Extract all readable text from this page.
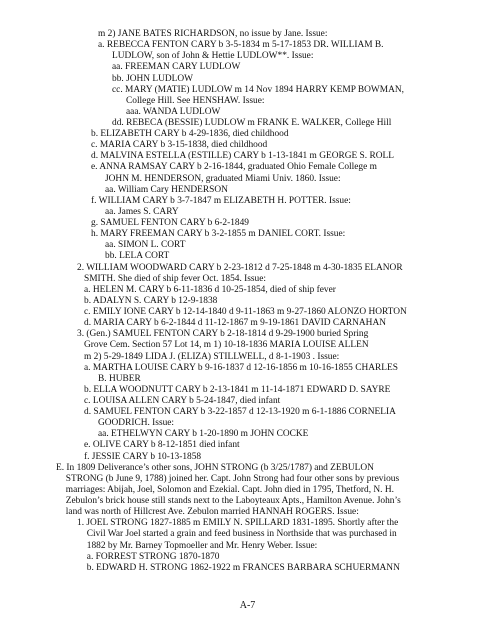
m 2) JANE BATES RICHARDSON, no issue by Jane. Issue:
a. REBECCA FENTON CARY b 3-5-1834 m 5-17-1853 DR. WILLIAM B.
LUDLOW, son of John & Hettie LUDLOW**. Issue:
aa. FREEMAN CARY LUDLOW
bb. JOHN LUDLOW
cc. MARY (MATIE) LUDLOW m 14 Nov 1894 HARRY KEMP BOWMAN,
College Hill. See HENSHAW. Issue:
aaa. WANDA LUDLOW
dd. REBECA (BESSIE) LUDLOW m FRANK E. WALKER, College Hill
b. ELIZABETH CARY b 4-29-1836, died childhood
c. MARIA CARY b 3-15-1838, died childhood
d. MALVINA ESTELLA (ESTILLE) CARY b 1-13-1841 m GEORGE S. ROLL
e. ANNA RAMSAY CARY b 2-16-1844, graduated Ohio Female College m
JOHN M. HENDERSON, graduated Miami Univ. 1860. Issue:
aa. William Cary HENDERSON
f. WILLIAM CARY b 3-7-1847 m ELIZABETH H. POTTER. Issue:
aa. James S. CARY
g. SAMUEL FENTON CARY b 6-2-1849
h. MARY FREEMAN CARY b 3-2-1855 m DANIEL CORT. Issue:
aa. SIMON L. CORT
bb. LELA CORT
2. WILLIAM WOODWARD CARY b 2-23-1812 d 7-25-1848 m 4-30-1835 ELANOR
SMITH. She died of ship fever Oct. 1854. Issue:
a. HELEN M. CARY b 6-11-1836 d 10-25-1854, died of ship fever
b. ADALYN S. CARY b 12-9-1838
c. EMILY IONE CARY b 12-14-1840 d 9-11-1863 m 9-27-1860 ALONZO HORTON
d. MARIA CARY b 6-2-1844 d 11-12-1867 m 9-19-1861 DAVID CARNAHAN
3. (Gen.) SAMUEL FENTON CARY b 2-18-1814 d 9-29-1900 buried Spring
Grove Cem. Section 57 Lot 14, m 1) 10-18-1836 MARIA LOUISE ALLEN
m 2) 5-29-1849 LIDA J. (ELIZA) STILLWELL, d 8-1-1903 . Issue:
a. MARTHA LOUISE CARY b 9-16-1837 d 12-16-1856 m 10-16-1855 CHARLES
B. HUBER
b. ELLA WOODNUTT CARY b 2-13-1841 m 11-14-1871 EDWARD D. SAYRE
c. LOUISA ALLEN CARY b 5-24-1847, died infant
d. SAMUEL FENTON CARY b 3-22-1857 d 12-13-1920 m 6-1-1886 CORNELIA
GOODRICH. Issue:
aa. ETHELWYN CARY b 1-20-1890 m JOHN COCKE
e. OLIVE CARY b 8-12-1851 died infant
f. JESSIE CARY b 10-13-1858
E. In 1809 Deliverance’s other sons, JOHN STRONG (b 3/25/1787) and ZEBULON
STRONG (b June 9, 1788) joined her. Capt. John Strong had four other sons by previous
marriages: Abijah, Joel, Solomon and Ezekial. Capt. John died in 1795, Thetford, N. H.
Zebulon’s brick house still stands next to the Laboyteaux Apts., Hamilton Avenue. John’s
land was north of Hillcrest Ave. Zebulon married HANNAH ROGERS. Issue:
1. JOEL STRONG 1827-1885 m EMILY N. SPILLARD 1831-1895. Shortly after the
Civil War Joel started a grain and feed business in Northside that was purchased in
1882 by Mr. Barney Topmoeller and Mr. Henry Weber. Issue:
a. FORREST STRONG 1870-1870
b. EDWARD H. STRONG 1862-1922 m FRANCES BARBARA SCHUERMANN
A-7
